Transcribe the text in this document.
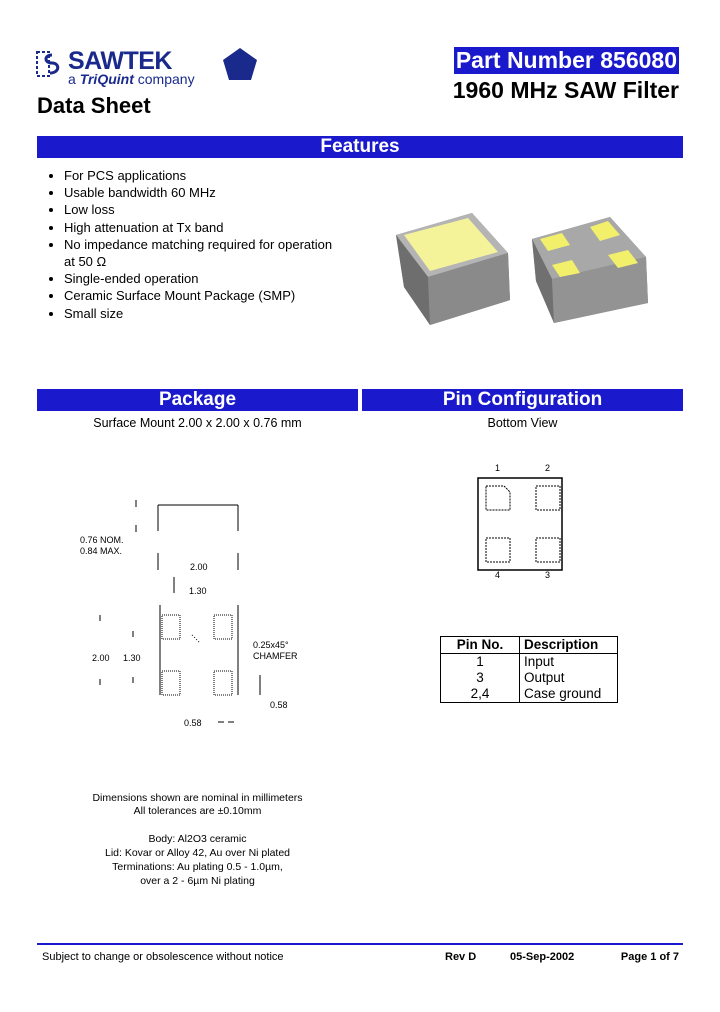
SAWTEK
a TriQuint company
Part Number 856080
1960 MHz SAW Filter
Data Sheet
Features
• For PCS applications
• Usable bandwidth 60 MHz
• Low loss
• High attenuation at Tx band
• No impedance matching required for operation at 50 Ω
• Single-ended operation
• Ceramic Surface Mount Package (SMP)
• Small size
Package	Pin Configuration
Surface Mount 2.00 x 2.00 x 0.76 mm	Bottom View
0.76 NOM.
0.84 MAX.
2.00
1.30
2.00 1.30
0.25x45°
CHAMFER
0.58
0.58
Dimensions shown are nominal in millimeters
All tolerances are ±0.10mm
Body: Al2O3 ceramic
Lid: Kovar or Alloy 42, Au over Ni plated
Terminations: Au plating 0.5 - 1.0µm,
over a 2 - 6µm Ni plating
1	2
4	3
Pin No.	Description
1	Input
3	Output
2,4	Case ground
Subject to change or obsolescence without notice	Rev D	05-Sep-2002	Page 1 of 7
